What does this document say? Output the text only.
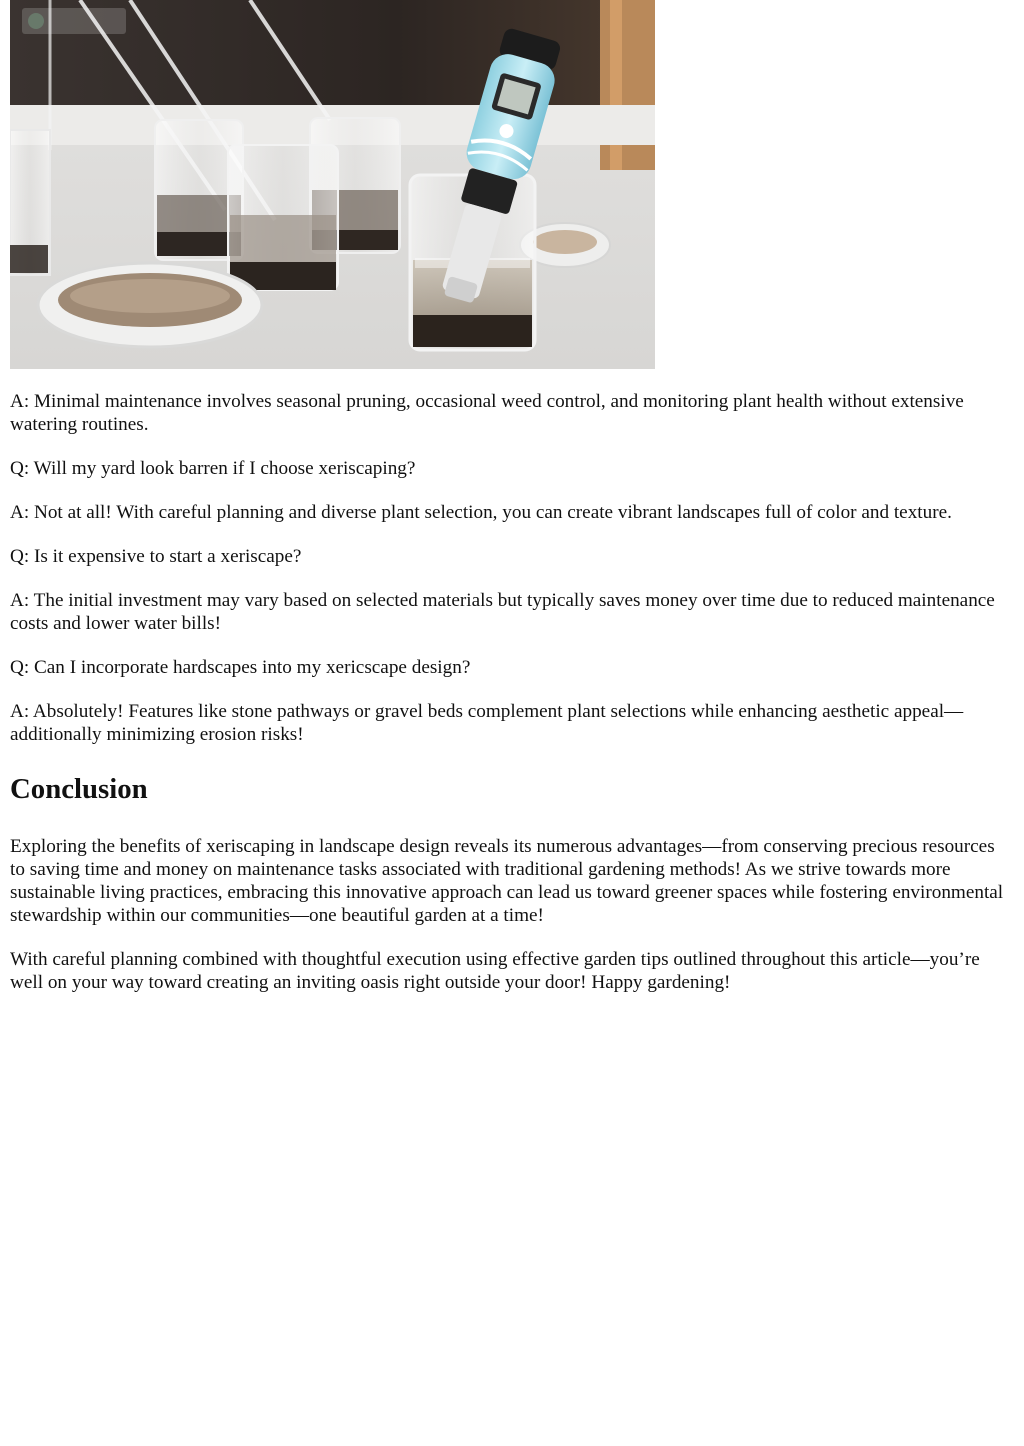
A: Minimal maintenance involves seasonal pruning, occasional weed control, and monitoring plant health without extensive watering routines.

Q: Will my yard look barren if I choose xeriscaping?

A: Not at all! With careful planning and diverse plant selection, you can create vibrant landscapes full of color and texture.

Q: Is it expensive to start a xeriscape?

A: The initial investment may vary based on selected materials but typically saves money over time due to reduced maintenance costs and lower water bills!

Q: Can I incorporate hardscapes into my xericscape design?

A: Absolutely! Features like stone pathways or gravel beds complement plant selections while enhancing aesthetic appeal—additionally minimizing erosion risks!

Conclusion

Exploring the benefits of xeriscaping in landscape design reveals its numerous advantages—from conserving precious resources to saving time and money on maintenance tasks associated with traditional gardening methods! As we strive towards more sustainable living practices, embracing this innovative approach can lead us toward greener spaces while fostering environmental stewardship within our communities—one beautiful garden at a time!

With careful planning combined with thoughtful execution using effective garden tips outlined throughout this article—you’re well on your way toward creating an inviting oasis right outside your door! Happy gardening!
